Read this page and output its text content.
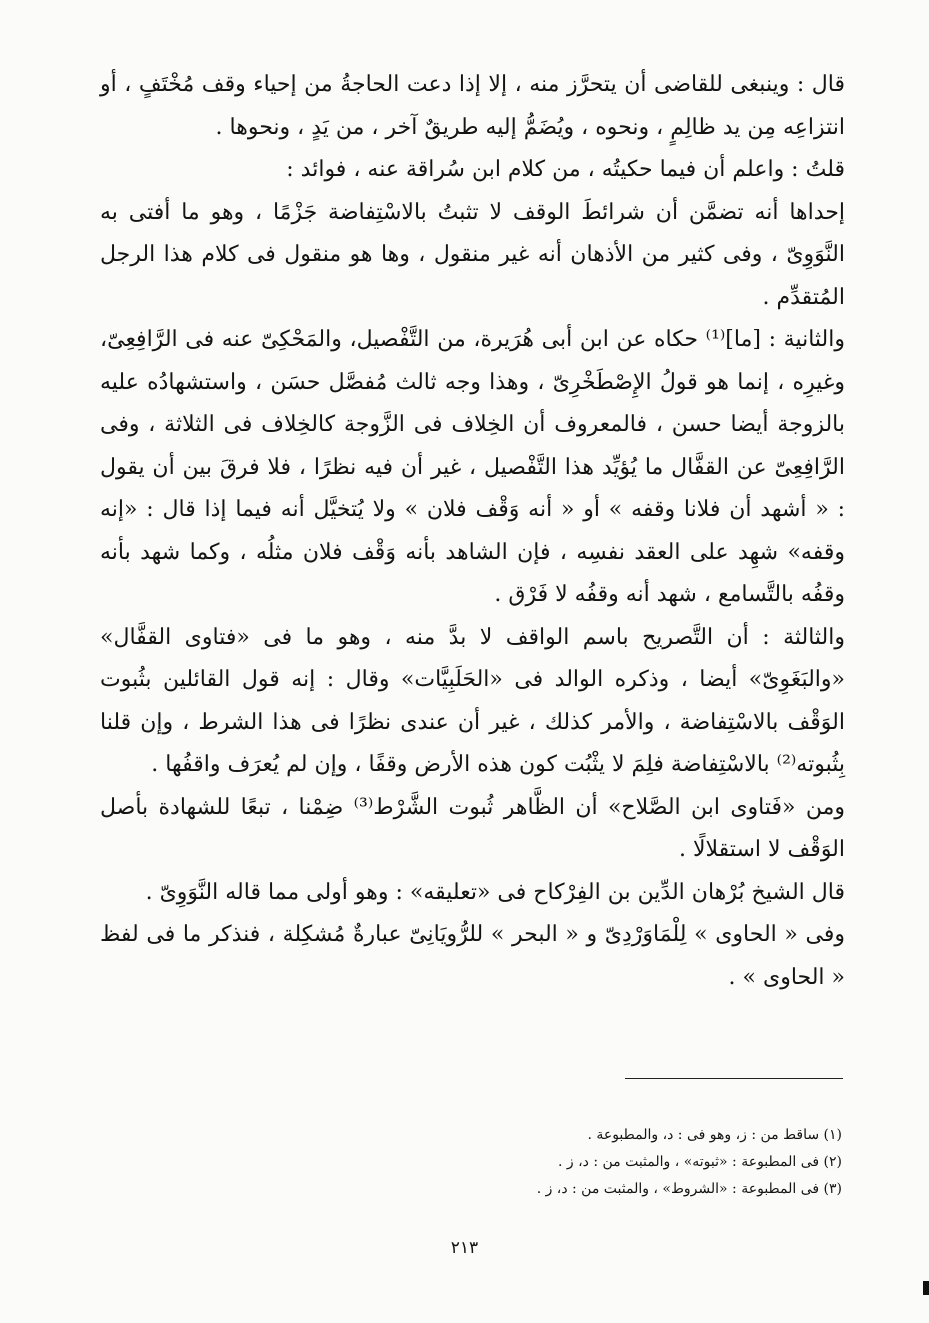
قال : وينبغى للقاضى أن يتحرَّز منه ، إلا إذا دعت الحاجةُ من إحياء وقف مُخْتَفٍ ، أو انتزاعِه مِن يد ظالِمٍ ، ونحوه ، ويُضَمُّ إليه طريقٌ آخر ، من يَدٍ ، ونحوها .

قلتُ : واعلم أن فيما حكيتُه ، من كلام ابن سُراقة عنه ، فوائد :

إحداها أنه تضمَّن أن شرائطَ الوقف لا تثبتُ بالاسْتِفاضة جَزْمًا ، وهو ما أفتى به النَّوَوِىّ ، وفى كثير من الأذهان أنه غير منقول ، وها هو منقول فى كلام هذا الرجل المُتقدِّم .

والثانية : [ما]⁽¹⁾ حكاه عن ابن أبى هُرَيرة، من التَّفْصيل، والمَحْكِىّ عنه فى الرَّافِعِىّ، وغيرِه ، إنما هو قولُ الإِصْطَخْرِىّ ، وهذا وجه ثالث مُفصَّل حسَن ، واستشهادُه عليه بالزوجة أيضا حسن ، فالمعروف أن الخِلاف فى الزَّوجة كالخِلاف فى الثلاثة ، وفى الرَّافِعِىّ عن القفَّال ما يُؤيِّد هذا التَّفْصيل ، غير أن فيه نظرًا ، فلا فرقَ بين أن يقول : « أشهد أن فلانا وقفه » أو « أنه وَقْف فلان » ولا يُتخيَّل أنه فيما إذا قال : «إنه وقفه» شهِد على العقد نفسِه ، فإن الشاهد بأنه وَقْف فلان مثلُه ، وكما شهد بأنه وقفُه بالتَّسامع ، شهد أنه وقفُه لا فَرْق .

والثالثة : أن التَّصريح باسم الواقف لا بدَّ منه ، وهو ما فى «فتاوى القفَّال» «والبَغَوِىّ» أيضا ، وذكره الوالد فى «الحَلَبِيَّات» وقال : إنه قول القائلين بثُبوت الوَقْف بالاسْتِفاضة ، والأمر كذلك ، غير أن عندى نظرًا فى هذا الشرط ، وإن قلنا بِثُبوته⁽²⁾ بالاسْتِفاضة فلِمَ لا يثْبُت كون هذه الأرض وقفًا ، وإن لم يُعرَف واقفُها .

ومن «فَتاوى ابن الصَّلاح» أن الظَّاهر ثُبوت الشَّرْط⁽³⁾ ضِمْنا ، تبعًا للشهادة بأصل الوَقْف لا استقلالًا .

قال الشيخ بُرْهان الدِّين بن الفِرْكاح فى «تعليقه» : وهو أولى مما قاله النَّوَوِىّ .

وفى « الحاوى » لِلْمَاوَرْدِىّ و « البحر » للرُّويَانِىّ عبارةٌ مُشكِلة ، فنذكر ما فى لفظ « الحاوى » .

(١) ساقط من : ز، وهو فى : د، والمطبوعة .

(٢) فى المطبوعة : «ثبوته» ، والمثبت من : د، ز .

(٣) فى المطبوعة : «الشروط» ، والمثبت من : د، ز .

٢١٣
